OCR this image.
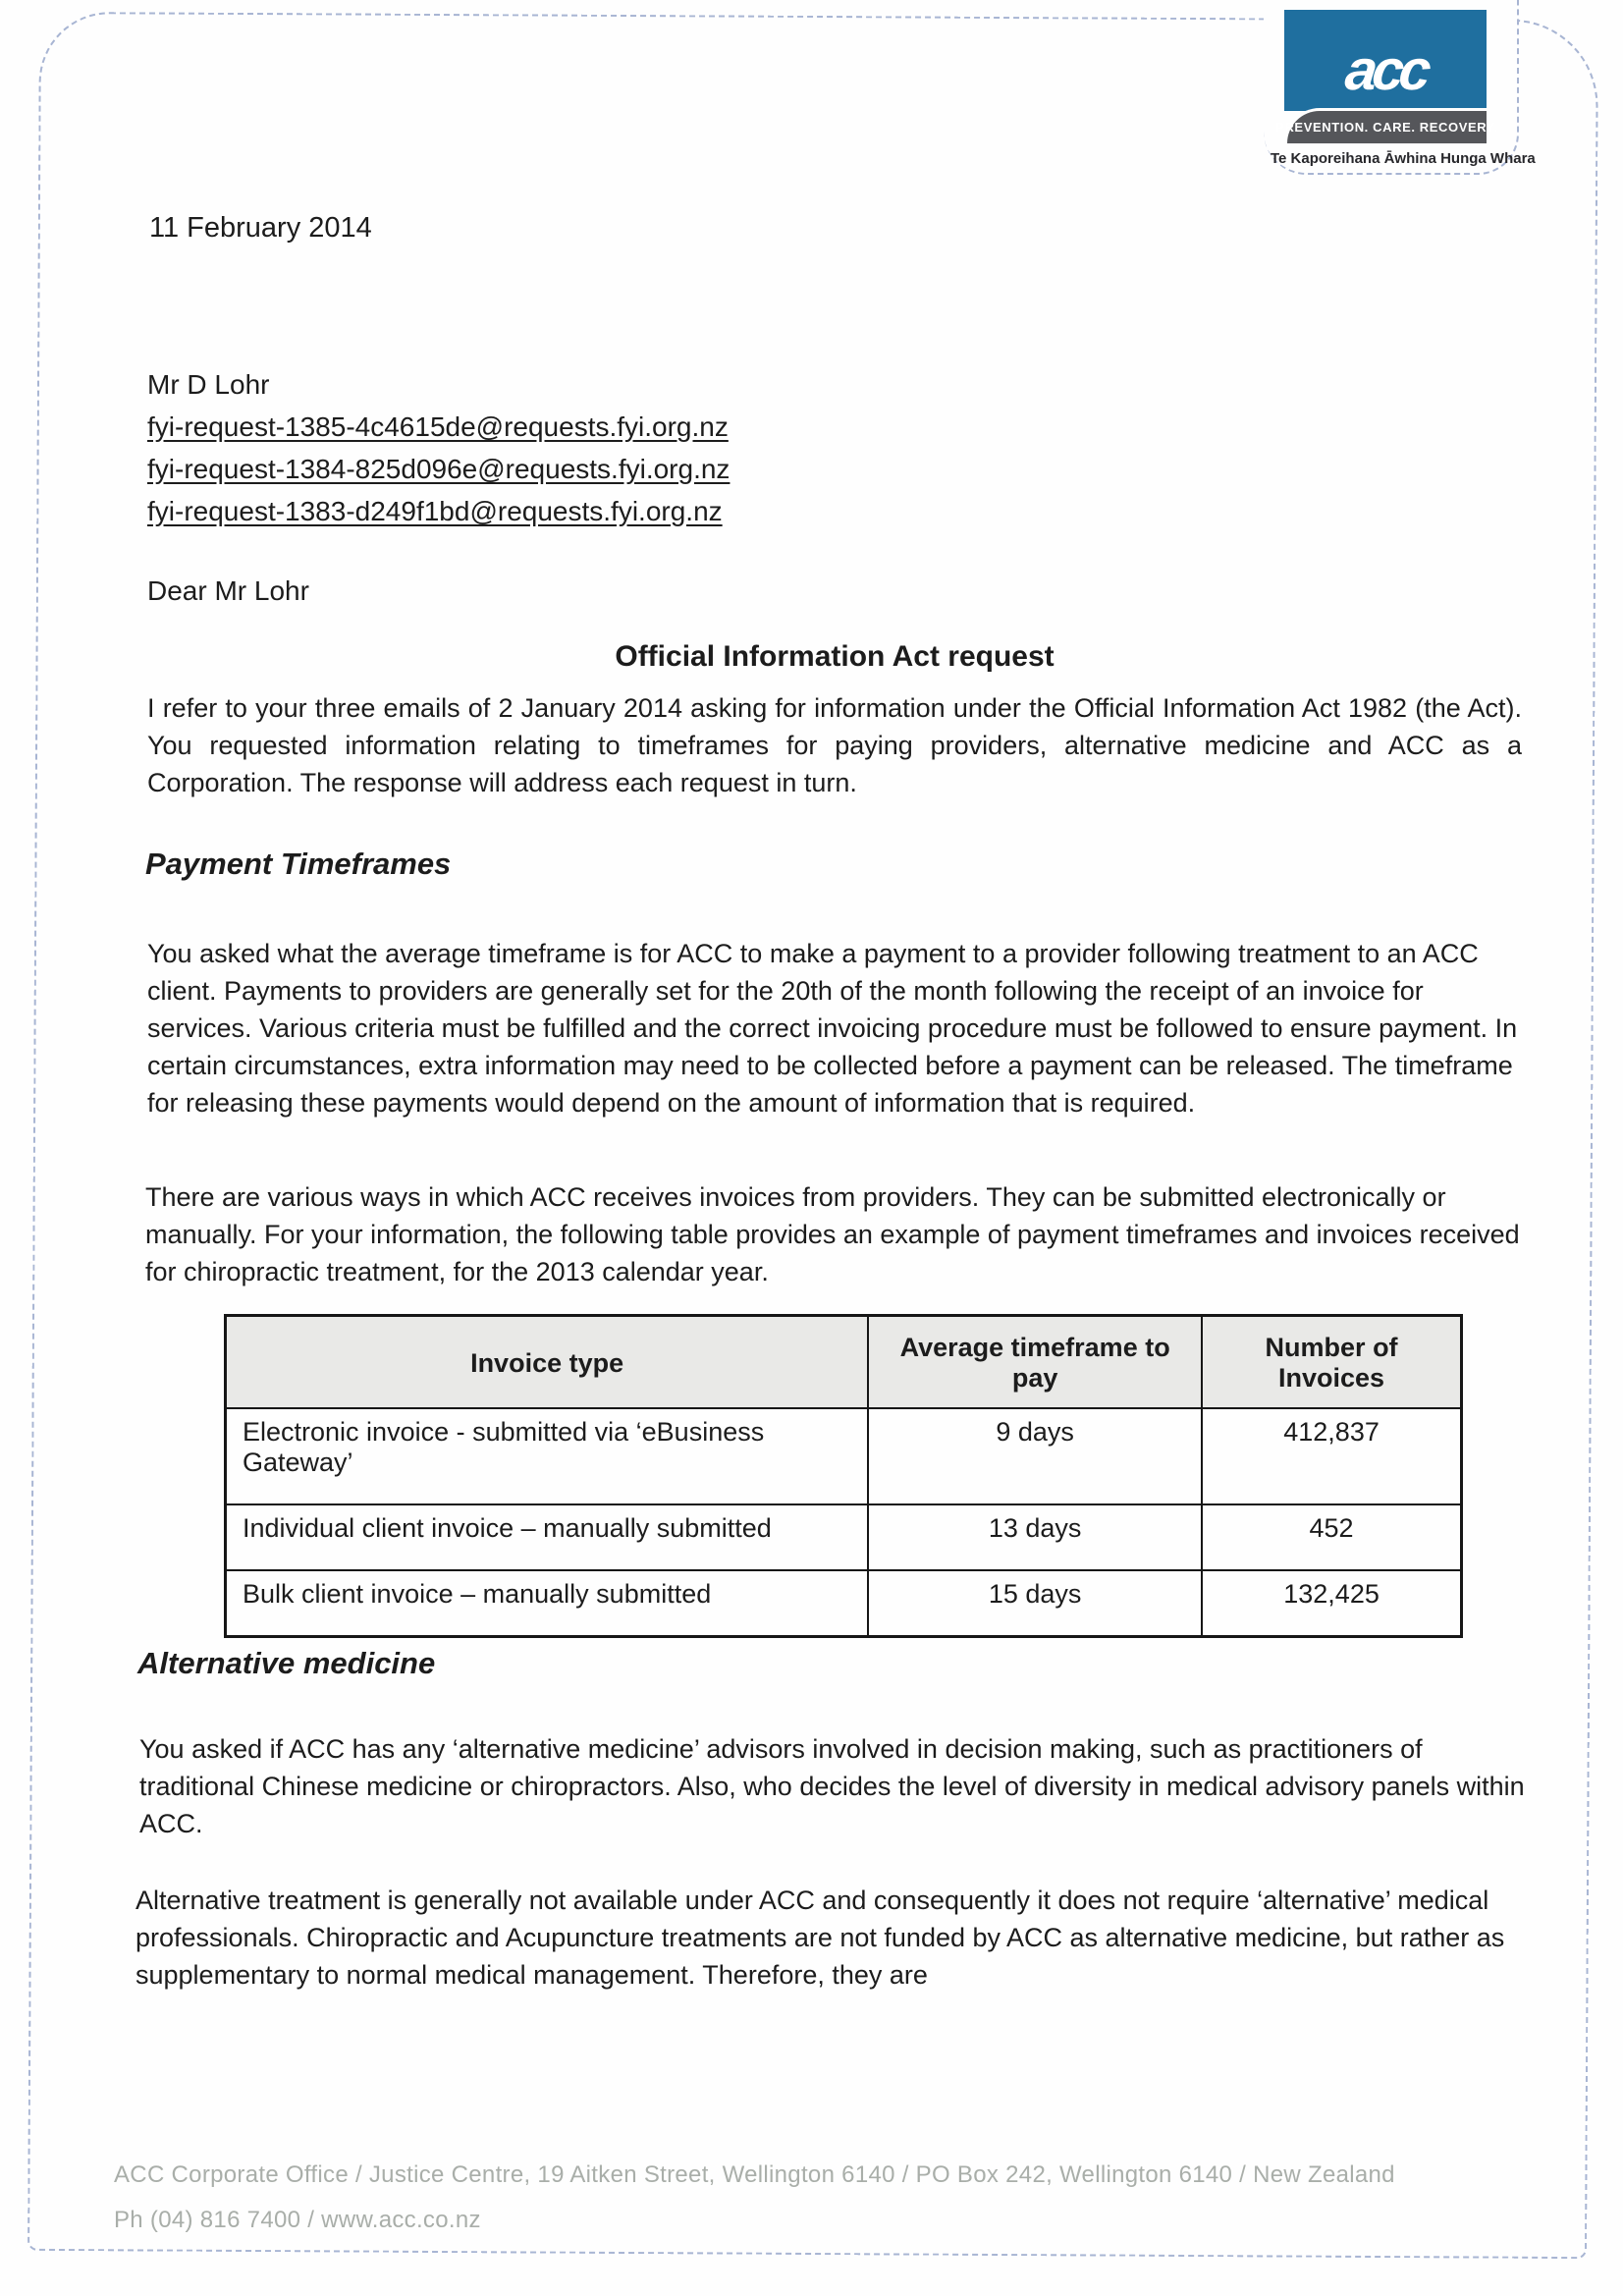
acc
PREVENTION. CARE. RECOVERY.
Te Kaporeihana Āwhina Hunga Whara
11 February 2014
Mr D Lohr
fyi-request-1385-4c4615de@requests.fyi.org.nz
fyi-request-1384-825d096e@requests.fyi.org.nz
fyi-request-1383-d249f1bd@requests.fyi.org.nz
Dear Mr Lohr
Official Information Act request
I refer to your three emails of 2 January 2014 asking for information under the Official Information Act 1982 (the Act). You requested information relating to timeframes for paying providers, alternative medicine and ACC as a Corporation. The response will address each request in turn.
Payment Timeframes
You asked what the average timeframe is for ACC to make a payment to a provider following treatment to an ACC client. Payments to providers are generally set for the 20th of the month following the receipt of an invoice for services. Various criteria must be fulfilled and the correct invoicing procedure must be followed to ensure payment. In certain circumstances, extra information may need to be collected before a payment can be released. The timeframe for releasing these payments would depend on the amount of information that is required.
There are various ways in which ACC receives invoices from providers. They can be submitted electronically or manually. For your information, the following table provides an example of payment timeframes and invoices received for chiropractic treatment, for the 2013 calendar year.
Invoice type	Average timeframe to pay	Number of Invoices
Electronic invoice - submitted via ‘eBusiness Gateway’	9 days	412,837
Individual client invoice – manually submitted	13 days	452
Bulk client invoice – manually submitted	15 days	132,425
Alternative medicine
You asked if ACC has any ‘alternative medicine’ advisors involved in decision making, such as practitioners of traditional Chinese medicine or chiropractors. Also, who decides the level of diversity in medical advisory panels within ACC.
Alternative treatment is generally not available under ACC and consequently it does not require ‘alternative’ medical professionals. Chiropractic and Acupuncture treatments are not funded by ACC as alternative medicine, but rather as supplementary to normal medical management. Therefore, they are
ACC Corporate Office / Justice Centre, 19 Aitken Street, Wellington 6140 / PO Box 242, Wellington 6140 / New Zealand
Ph (04) 816 7400 / www.acc.co.nz
